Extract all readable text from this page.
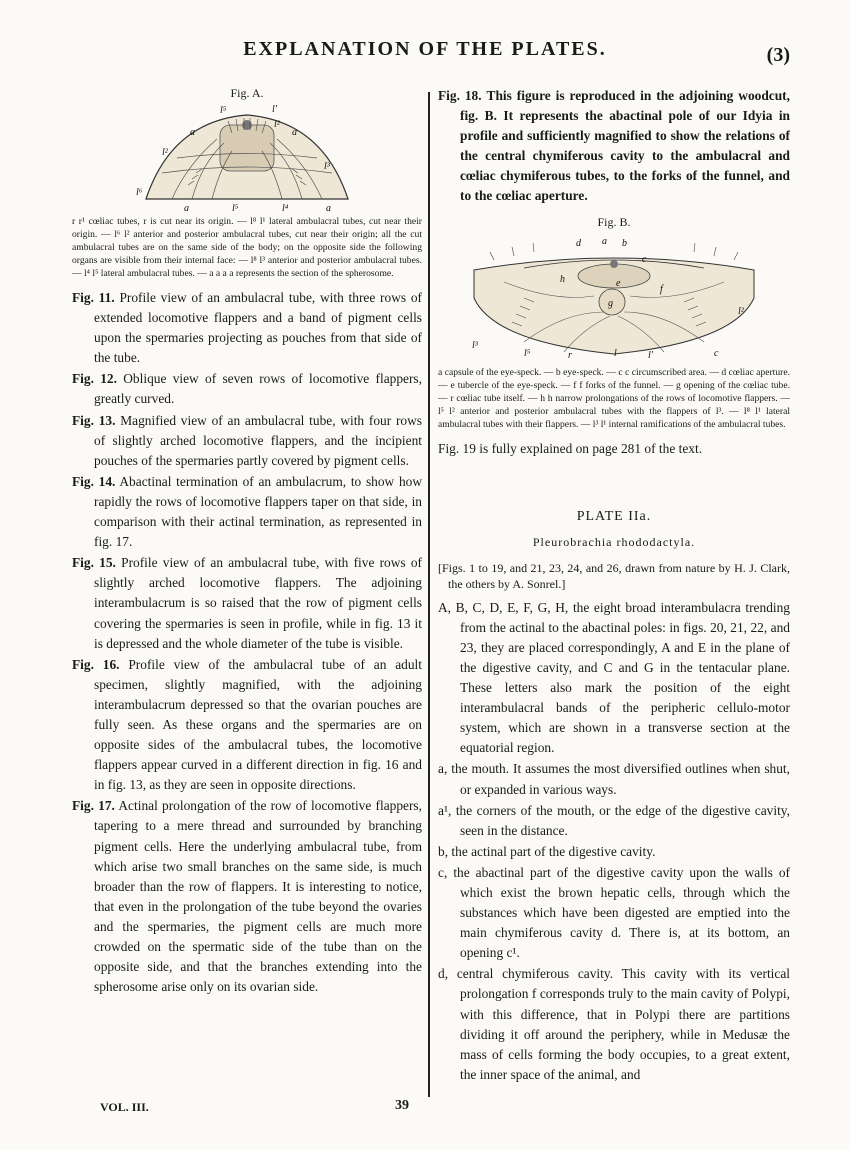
EXPLANATION OF THE PLATES.	(3)
Fig. A.
l⁵	l'
a
l²
a
l³
l⁶
l²
a	l⁵	l⁴	a

r r¹ cœliac tubes, r is cut near its origin. — l⁸ l¹ lateral ambulacral tubes, cut near their origin. — l⁶ l² anterior and posterior ambulacral tubes, cut near their origin; all the cut ambulacral tubes are on the same side of the body; on the opposite side the following organs are visible from their internal face: — l⁸ l³ anterior and posterior ambulacral tubes. — l⁴ l⁵ lateral ambulacral tubes. — a a a a represents the section of the spherosome.

Fig. 11. Profile view of an ambulacral tube, with three rows of extended locomotive flappers and a band of pigment cells upon the spermaries projecting as pouches from that side of the tube.
Fig. 12. Oblique view of seven rows of locomotive flappers, greatly curved.
Fig. 13. Magnified view of an ambulacral tube, with four rows of slightly arched locomotive flappers, and the incipient pouches of the spermaries partly covered by pigment cells.
Fig. 14. Abactinal termination of an ambulacrum, to show how rapidly the rows of locomotive flappers taper on that side, in comparison with their actinal termination, as represented in fig. 17.
Fig. 15. Profile view of an ambulacral tube, with five rows of slightly arched locomotive flappers. The adjoining interambulacrum is so raised that the row of pigment cells covering the spermaries is seen in profile, while in fig. 13 it is depressed and the whole diameter of the tube is visible.
Fig. 16. Profile view of the ambulacral tube of an adult specimen, slightly magnified, with the adjoining interambulacrum depressed so that the ovarian pouches are fully seen. As these organs and the spermaries are on opposite sides of the ambulacral tubes, the locomotive flappers appear curved in a different direction in fig. 16 and in fig. 13, as they are seen in opposite directions.
Fig. 17. Actinal prolongation of the row of locomotive flappers, tapering to a mere thread and surrounded by branching pigment cells. Here the underlying ambulacral tube, from which arise two small branches on the same side, is much broader than the row of flappers. It is interesting to notice, that even in the prolongation of the tube beyond the ovaries and the spermaries, the pigment cells are much more crowded on the spermatic side of the tube than on the opposite side, and that the branches extending into the spherosome arise only on its ovarian side.
Fig. 18. This figure is reproduced in the adjoining woodcut, fig. B. It represents the abactinal pole of our Idyia in profile and sufficiently magnified to show the relations of the central chymiferous cavity to the ambulacral and cœliac chymiferous tubes, to the forks of the funnel, and to the cœliac aperture.
Fig. B.
d a b
c
e
h
g
f
l²
l³
l⁵	r	l	l'	c

a capsule of the eye-speck. — b eye-speck. — c c circumscribed area. — d cœliac aperture. — e tubercle of the eye-speck. — f f forks of the funnel. — g opening of the cœliac tube. — r cœliac tube itself. — h h narrow prolongations of the rows of locomotive flappers. — l⁵ l² anterior and posterior ambulacral tubes with the flappers of l³. — l⁸ l¹ lateral ambulacral tubes with their flappers. — l³ l¹ internal ramifications of the ambulacral tubes.

Fig. 19 is fully explained on page 281 of the text.
PLATE IIa.
Pleurobrachia rhododactyla.
[Figs. 1 to 19, and 21, 23, 24, and 26, drawn from nature by H. J. Clark, the others by A. Sonrel.]
A, B, C, D, E, F, G, H, the eight broad interambulacra trending from the actinal to the abactinal poles: in figs. 20, 21, 22, and 23, they are placed correspondingly, A and E in the plane of the digestive cavity, and C and G in the tentacular plane. These letters also mark the position of the eight interambulacral bands of the peripheric cellulo-motor system, which are shown in a transverse section at the equatorial region.
a, the mouth. It assumes the most diversified outlines when shut, or expanded in various ways.
a¹, the corners of the mouth, or the edge of the digestive cavity, seen in the distance.
b, the actinal part of the digestive cavity.
c, the abactinal part of the digestive cavity upon the walls of which exist the brown hepatic cells, through which the substances which have been digested are emptied into the main chymiferous cavity d. There is, at its bottom, an opening c¹.
d, central chymiferous cavity. This cavity with its vertical prolongation f corresponds truly to the main cavity of Polypi, with this difference, that in Polypi there are partitions dividing it off around the periphery, while in Medusæ the mass of cells forming the body occupies, to a great extent, the inner space of the animal, and
VOL. III.	39
